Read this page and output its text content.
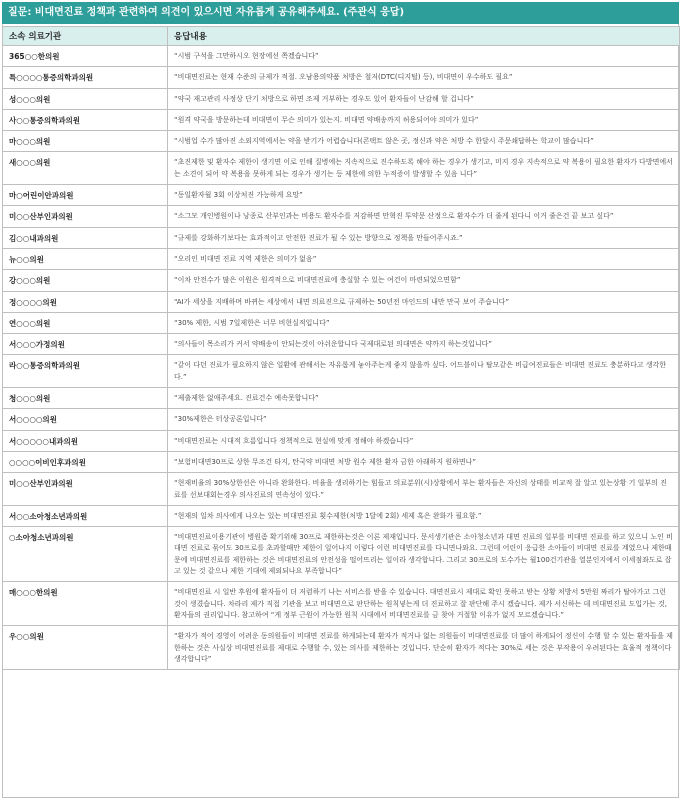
질문: 비대면진료 정책과 관련하여 의견이 있으시면 자유롭게 공유해주세요. (주관식 응답)
소속 의료기관	응답내용
365○○한의원	“시범 구석을 그만하시오 현장에선 쪽겠습니다”
특○○○○통증의학과의원	“비대면진료는 현재 수준의 규제가 적절. 오남용의약품 처방은 철저(DTC(디지털) 등), 비대면이 우수하도 필요”
성○○○의원	“약국 재고관리 사정상 단기 처방으로 하면 조제 거부하는 경우도 있어 환자들이 난감해 할 겁니다”
사○○통증의학과의원	“원격 약국을 방문하는데 비대면이 무슨 의미가 있는지. 비대면 약배송까지 허용되어야 의미가 있다”
마○○○의원	“시범업 수가 많아진 소외지역에서는 약을 받기가 어렵습니다(콘택트 않은 곳, 정신과 약은 처방 수 한달시 주문쇄답하는 학교이 많습니다”
새○○○의원	“초진제한 및 환자수 제한이 생기면 이로 인해 질병에는 지속적으로 진수하도록 해야 하는 경우가 생기고, 미지 경우 지속적으로 약 복용이 필요한 환자가 다방면에서는 소견이 되어 약 복용을 못하게 되는 경우가 생기는 등 제한에 의한 누적증이 발생할 수 있음 니다”
마○어린이안과의원	“동일환자월 3회 이상처진 가능하게 요망”
미○○산부인과의원	“소그모 개인병원이나 낭종로 산부인과는 비용도 환자수를 저감하면 만혁진 투약문 산정으로 환자수가 더 줄게 된다니 이거 줄은건 끝 보고 싶다”
김○○내과의원	“규제를 강화하기보다는 효과적이고 안전한 진료가 될 수 있는 방향으로 정책을 만들어주시죠.”
뉴○○의원	“오리인 비대면 진료 지역 제한은 의미가 없음”
강○○○의원	“이차 안전수가 많은 이원은 원격적으로 비대면진료에 충실할 수 있는 여건이 마련되었으면함”
정○○○○의원	“AI가 세상을 지배하며 바뀌는 세상에서 내면 의료진으로 규제하는 50년전 마인드의 내만 만국 보어 주습니다”
연○○○의원	“30% 제한, 시범 7일제한은 너무 비현실적입니다”
서○○○가정의원	“의사들이 목소리가 커서 약배송이 안되는것이 아쉬운합니다 국제대로된 의대면은 약까지 하는것입니다”
라○○통증의학과의원	“같이 다던 진료가 필요하지 않은 일환에 관해서는 자유롭게 놓아주는게 좋지 않을까 싶다. 어드블이나 탈모같은 비급여진료들은 비대면 진료도 충분하다고 생각한다.”
청○○○의원	“제출제한 없애주세요. 진료건수 예속못합니다”
서○○○○의원	“30%제한은 터상공론입니다”
서○○○○○내과의원	“비대면진료는 시대적 흐름입니다 정책적으로 현실에 맞게 정해야 하겠습니다”
○○○○이비인후과의원	“보험비대면30프로 상한 무조건 타지, 탄국약 비대면 처방 원수 제한 환자 금한 아래하지 원하면나”
미○○산부인과의원	“현재비율의 30%상한선은 아니라 완화한다. 비율을 생리하기는 힘들고 의료분위(시)상황에서 부는 환자들은 자신의 상태를 비교적 잘 알고 있는상황 기 일부의 진료를 선보대회는경우 의사진료의 연속성이 있다.”
서○○소아청소년과의원	“현재의 일차 의사에게 나오는 있는 비대면진료 횟수제한(처방 1달에 2회) 세제 혹은 완화가 필요함.”
○소아청소년과의원	“비대면진료이용기관이 병원좀 확기위해 30프로 제한하는것은 이론 제재입니다. 문서생기관은 소아청소년과 대면 진료의 일부를 비대면 진료를 하고 있으니 노인 비대면 진료로 묶어도 30프로를 초과할때만 제한이 일어나지 이렇다 이런 비대면진료를 다니면나와요. 그런데 어린이 응급한 소아들이 비대면 진료를 계였으나 제한때문에 비대면진료를 제한하는 것은 비대면진료의 안전성을 떨어뜨리는 일이라 생각합니다. 그리고 30프로의 도수가는 월100건기관을 열분인지에서 이세점좌도로 잡고 있는 것 같으나 제한 기대에 제외되나요 부족합니다”
매○○○한의원	“비대면진료 시 일반 후원에 환자들이 더 저렴하기 나는 서비스를 받을 수 있습니다. 대면진료시 제대로 확인 못하고 받는 상황 처방서 5만원 짜리가 탈아가고 그런 것이 생겼습니다. 차라리 제가 직접 기관을 보고 비대면으로 판단하는 원칙넣는게 더 진료하고 잘 판단해 주시 겠습니다. 제가 서신하는 데 비대면진료 도입가는 것, 환자들의 권리입니다. 참고하여 “게 정부 근원이 가능한 원칙 시대에서 비대면진료를 금 찾아 거절할 이유가 없지 모르겠습니다.”
우○○의원	“환자가 적어 경영이 어려운 동의원들이 비대면 진료를 하게되는데 환자가 적거나 없는 의원들이 비대면진료를 더 많이 하게되어 정신이 수행 할 수 있는 환자들을 제한하는 것은 사실상 비대면진료를 제대로 수행할 수, 있는 의사를 제한하는 것입니다. 단순히 환자가 적다는 30%로 세는 것은 부작용이 우려된다는 효율적 정책이다 생각합니다”
